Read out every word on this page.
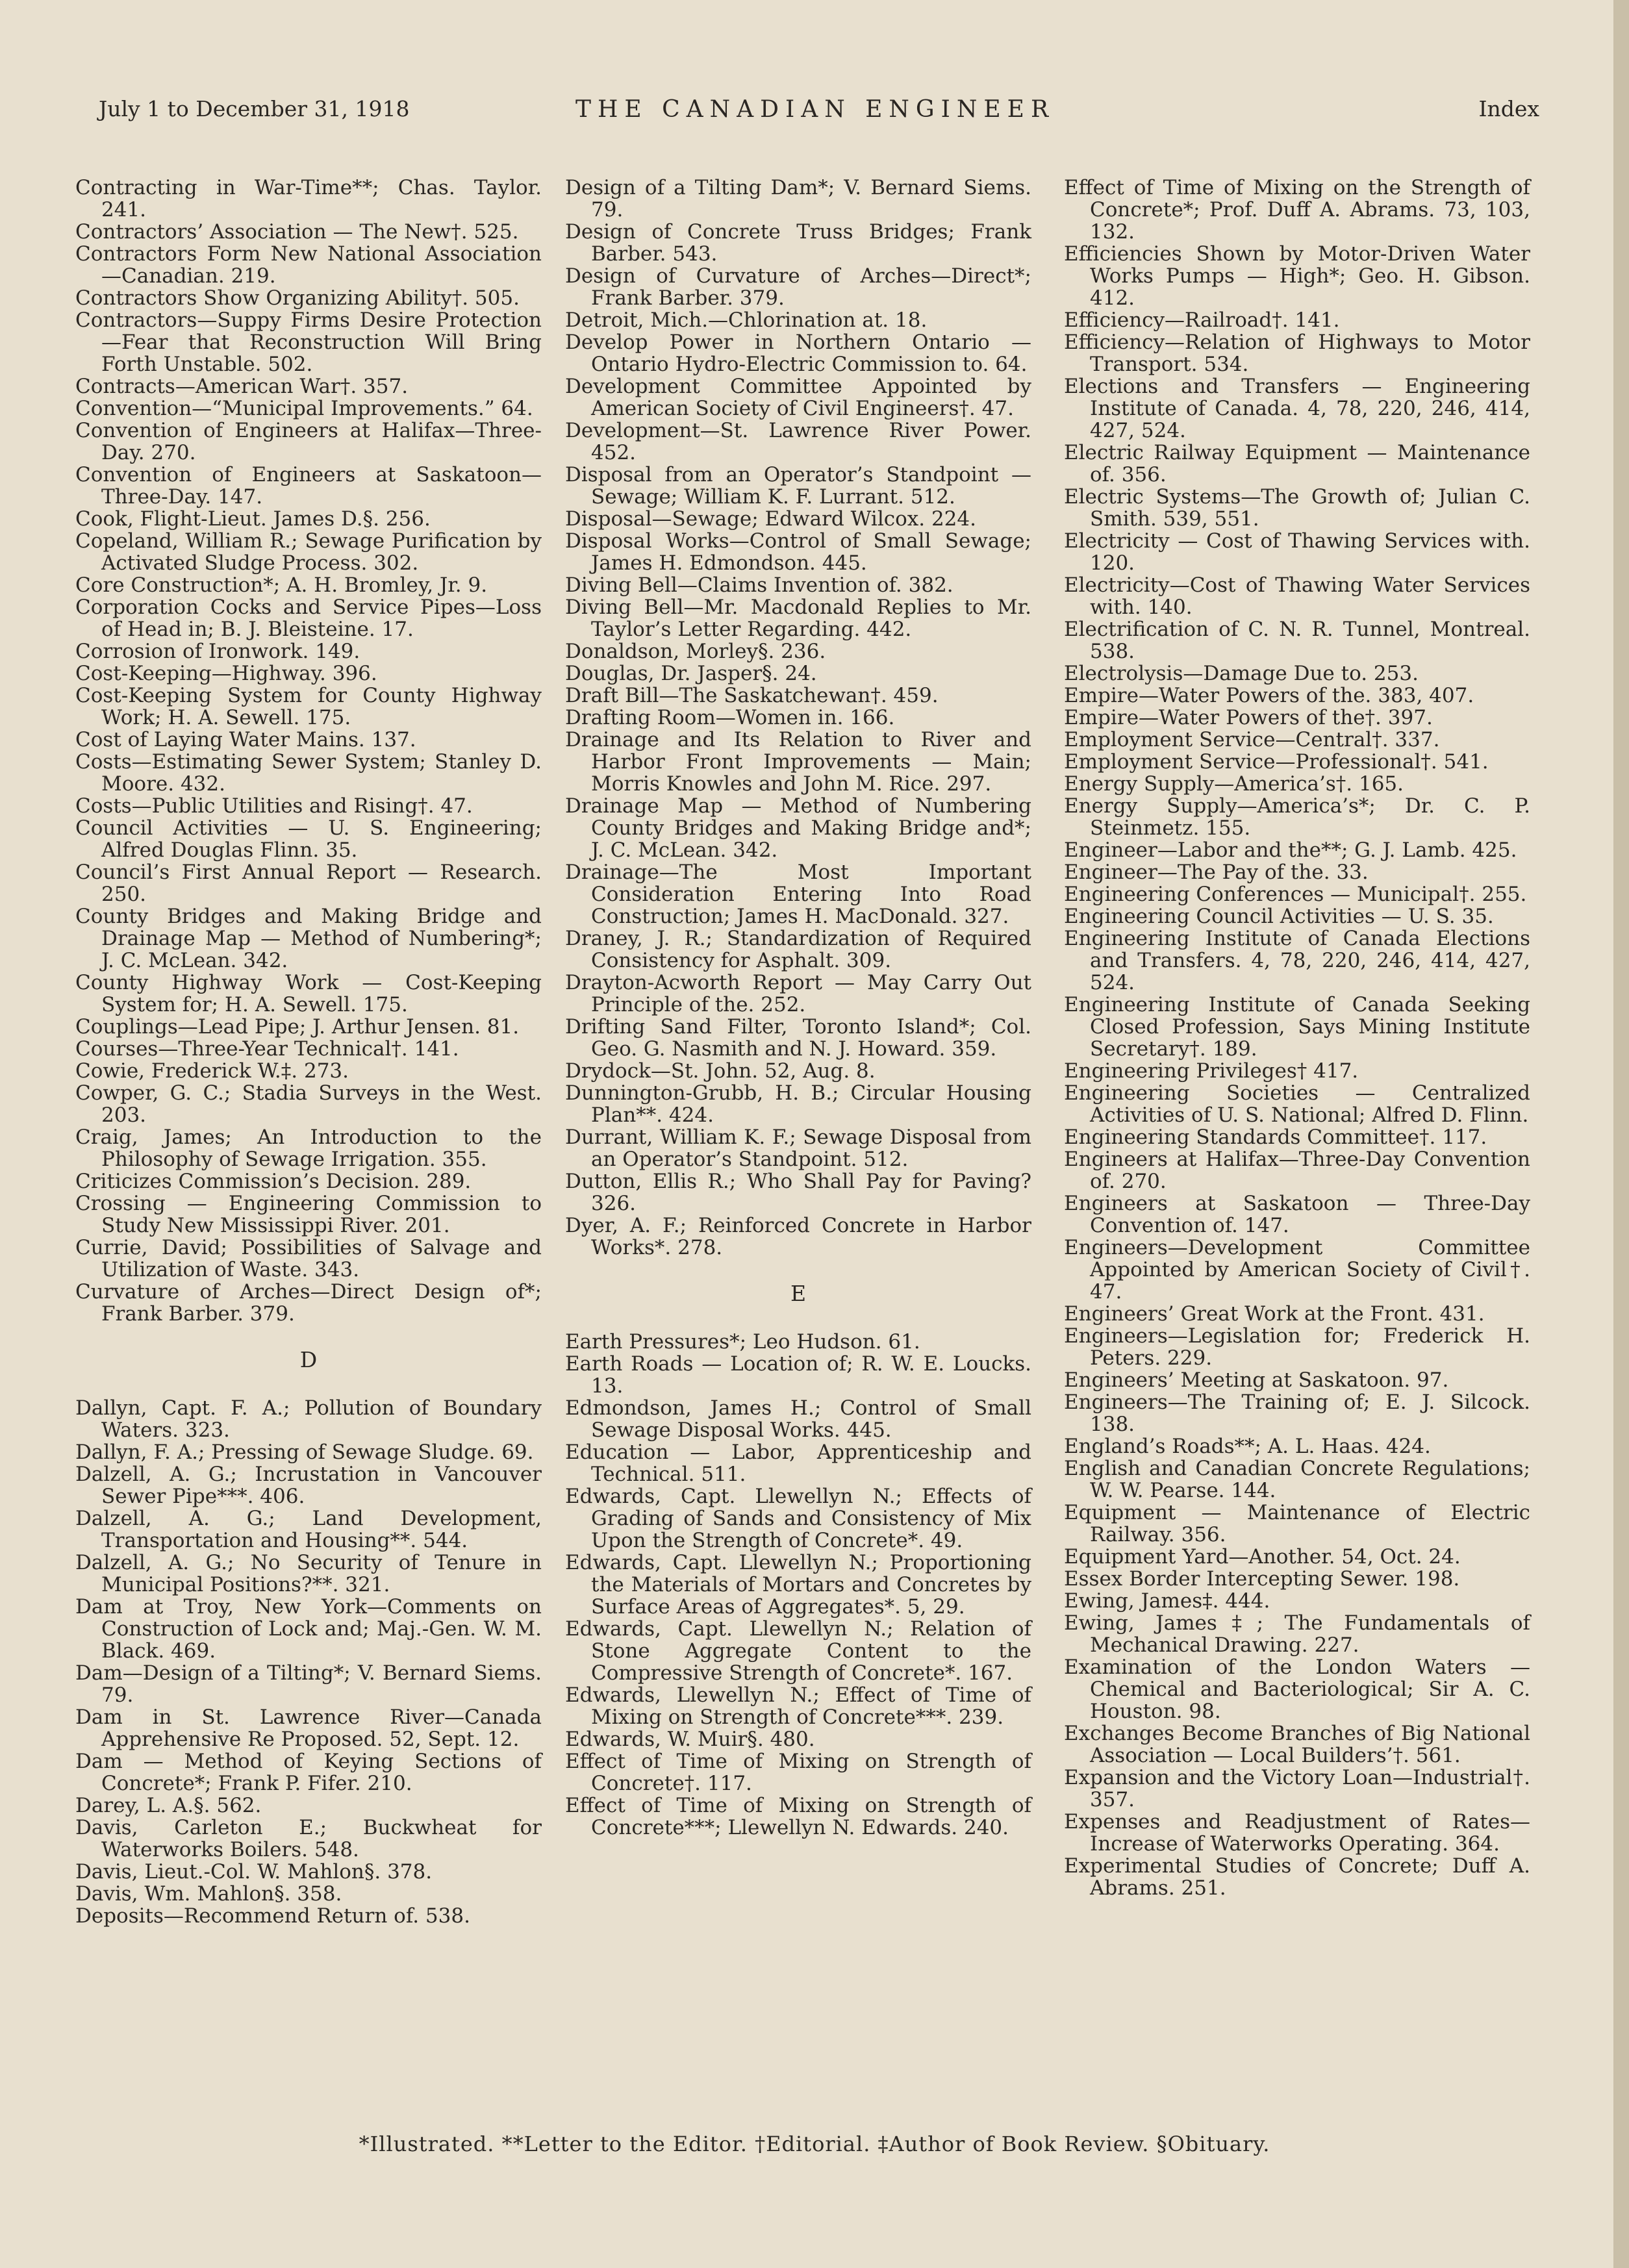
July 1 to December 31, 1918	THE CANADIAN ENGINEER	Index

Contracting in War-Time**; Chas. Taylor. 241.

Contractors’ Association — The New†. 525.

Contractors Form New National Association—Canadian. 219.

Contractors Show Organizing Ability†. 505.

Contractors—Suppy Firms Desire Protection—Fear that Reconstruction Will Bring Forth Unstable. 502.

Contracts—American War†. 357.

Convention—“Municipal Improvements.” 64.

Convention of Engineers at Halifax—Three-Day. 270.

Convention of Engineers at Saskatoon—Three-Day. 147.

Cook, Flight-Lieut. James D.§. 256.

Copeland, William R.; Sewage Purification by Activated Sludge Process. 302.

Core Construction*; A. H. Bromley, Jr. 9.

Corporation Cocks and Service Pipes—Loss of Head in; B. J. Bleisteine. 17.

Corrosion of Ironwork. 149.

Cost-Keeping—Highway. 396.

Cost-Keeping System for County Highway Work; H. A. Sewell. 175.

Cost of Laying Water Mains. 137.

Costs—Estimating Sewer System; Stanley D. Moore. 432.

Costs—Public Utilities and Rising†. 47.

Council Activities — U. S. Engineering; Alfred Douglas Flinn. 35.

Council’s First Annual Report — Research. 250.

County Bridges and Making Bridge and Drainage Map — Method of Numbering*; J. C. McLean. 342.

County Highway Work — Cost-Keeping System for; H. A. Sewell. 175.

Couplings—Lead Pipe; J. Arthur Jensen. 81.

Courses—Three-Year Technical†. 141.

Cowie, Frederick W.‡. 273.

Cowper, G. C.; Stadia Surveys in the West. 203.

Craig, James; An Introduction to the Philosophy of Sewage Irrigation. 355.

Criticizes Commission’s Decision. 289.

Crossing — Engineering Commission to Study New Mississippi River. 201.

Currie, David; Possibilities of Salvage and Utilization of Waste. 343.

Curvature of Arches—Direct Design of*; Frank Barber. 379.

D

Dallyn, Capt. F. A.; Pollution of Boundary Waters. 323.

Dallyn, F. A.; Pressing of Sewage Sludge. 69.

Dalzell, A. G.; Incrustation in Vancouver Sewer Pipe***. 406.

Dalzell, A. G.; Land Development, Transportation and Housing**. 544.

Dalzell, A. G.; No Security of Tenure in Municipal Positions?**. 321.

Dam at Troy, New York—Comments on Construction of Lock and; Maj.-Gen. W. M. Black. 469.

Dam—Design of a Tilting*; V. Bernard Siems. 79.

Dam in St. Lawrence River—Canada Apprehensive Re Proposed. 52, Sept. 12.

Dam — Method of Keying Sections of Concrete*; Frank P. Fifer. 210.

Darey, L. A.§. 562.

Davis, Carleton E.; Buckwheat for Waterworks Boilers. 548.

Davis, Lieut.-Col. W. Mahlon§. 378.

Davis, Wm. Mahlon§. 358.

Deposits—Recommend Return of. 538.

Design of a Tilting Dam*; V. Bernard Siems. 79.

Design of Concrete Truss Bridges; Frank Barber. 543.

Design of Curvature of Arches—Direct*; Frank Barber. 379.

Detroit, Mich.—Chlorination at. 18.

Develop Power in Northern Ontario — Ontario Hydro-Electric Commission to. 64.

Development Committee Appointed by American Society of Civil Engineers†. 47.

Development—St. Lawrence River Power. 452.

Disposal from an Operator’s Standpoint —Sewage; William K. F. Lurrant. 512.

Disposal—Sewage; Edward Wilcox. 224.

Disposal Works—Control of Small Sewage; James H. Edmondson. 445.

Diving Bell—Claims Invention of. 382.

Diving Bell—Mr. Macdonald Replies to Mr. Taylor’s Letter Regarding. 442.

Donaldson, Morley§. 236.

Douglas, Dr. Jasper§. 24.

Draft Bill—The Saskatchewan†. 459.

Drafting Room—Women in. 166.

Drainage and Its Relation to River and Harbor Front Improvements — Main; Morris Knowles and John M. Rice. 297.

Drainage Map — Method of Numbering County Bridges and Making Bridge and*; J. C. McLean. 342.

Drainage—The Most Important Consideration Entering Into Road Construction; James H. MacDonald. 327.

Draney, J. R.; Standardization of Required Consistency for Asphalt. 309.

Drayton-Acworth Report — May Carry Out Principle of the. 252.

Drifting Sand Filter, Toronto Island*; Col. Geo. G. Nasmith and N. J. Howard. 359.

Drydock—St. John. 52, Aug. 8.

Dunnington-Grubb, H. B.; Circular Housing Plan**. 424.

Durrant, William K. F.; Sewage Disposal from an Operator’s Standpoint. 512.

Dutton, Ellis R.; Who Shall Pay for Paving? 326.

Dyer, A. F.; Reinforced Concrete in Harbor Works*. 278.

E

Earth Pressures*; Leo Hudson. 61.

Earth Roads — Location of; R. W. E. Loucks. 13.

Edmondson, James H.; Control of Small Sewage Disposal Works. 445.

Education — Labor, Apprenticeship and Technical. 511.

Edwards, Capt. Llewellyn N.; Effects of Grading of Sands and Consistency of Mix Upon the Strength of Concrete*. 49.

Edwards, Capt. Llewellyn N.; Proportioning the Materials of Mortars and Concretes by Surface Areas of Aggregates*. 5, 29.

Edwards, Capt. Llewellyn N.; Relation of Stone Aggregate Content to the Compressive Strength of Concrete*. 167.

Edwards, Llewellyn N.; Effect of Time of Mixing on Strength of Concrete***. 239.

Edwards, W. Muir§. 480.

Effect of Time of Mixing on Strength of Concrete†. 117.

Effect of Time of Mixing on Strength of Concrete***; Llewellyn N. Edwards. 240.

Effect of Time of Mixing on the Strength of Concrete*; Prof. Duff A. Abrams. 73, 103, 132.

Efficiencies Shown by Motor-Driven Water Works Pumps — High*; Geo. H. Gibson. 412.

Efficiency—Railroad†. 141.

Efficiency—Relation of Highways to Motor Transport. 534.

Elections and Transfers — Engineering Institute of Canada. 4, 78, 220, 246, 414, 427, 524.

Electric Railway Equipment — Maintenance of. 356.

Electric Systems—The Growth of; Julian C. Smith. 539, 551.

Electricity — Cost of Thawing Services with. 120.

Electricity—Cost of Thawing Water Services with. 140.

Electrification of C. N. R. Tunnel, Montreal. 538.

Electrolysis—Damage Due to. 253.

Empire—Water Powers of the. 383, 407.

Empire—Water Powers of the†. 397.

Employment Service—Central†. 337.

Employment Service—Professional†. 541.

Energy Supply—America’s†. 165.

Energy Supply—America’s*; Dr. C. P. Steinmetz. 155.

Engineer—Labor and the**; G. J. Lamb. 425.

Engineer—The Pay of the. 33.

Engineering Conferences — Municipal†. 255.

Engineering Council Activities — U. S. 35.

Engineering Institute of Canada Elections and Transfers. 4, 78, 220, 246, 414, 427, 524.

Engineering Institute of Canada Seeking Closed Profession, Says Mining Institute Secretary†. 189.

Engineering Privileges† 417.

Engineering Societies — Centralized Activities of U. S. National; Alfred D. Flinn.

Engineering Standards Committee†. 117.

Engineers at Halifax—Three-Day Convention of. 270.

Engineers at Saskatoon — Three-Day Convention of. 147.

Engineers—Development Committee Appointed by American Society of Civil†. 47.

Engineers’ Great Work at the Front. 431.

Engineers—Legislation for; Frederick H. Peters. 229.

Engineers’ Meeting at Saskatoon. 97.

Engineers—The Training of; E. J. Silcock. 138.

England’s Roads**; A. L. Haas. 424.

English and Canadian Concrete Regulations; W. W. Pearse. 144.

Equipment — Maintenance of Electric Railway. 356.

Equipment Yard—Another. 54, Oct. 24.

Essex Border Intercepting Sewer. 198.

Ewing, James‡. 444.

Ewing, James‡; The Fundamentals of Mechanical Drawing. 227.

Examination of the London Waters — Chemical and Bacteriological; Sir A. C. Houston. 98.

Exchanges Become Branches of Big National Association — Local Builders’†. 561.

Expansion and the Victory Loan—Industrial†. 357.

Expenses and Readjustment of Rates—Increase of Waterworks Operating. 364.

Experimental Studies of Concrete; Duff A. Abrams. 251.

*Illustrated. **Letter to the Editor. †Editorial. ‡Author of Book Review. §Obituary.
